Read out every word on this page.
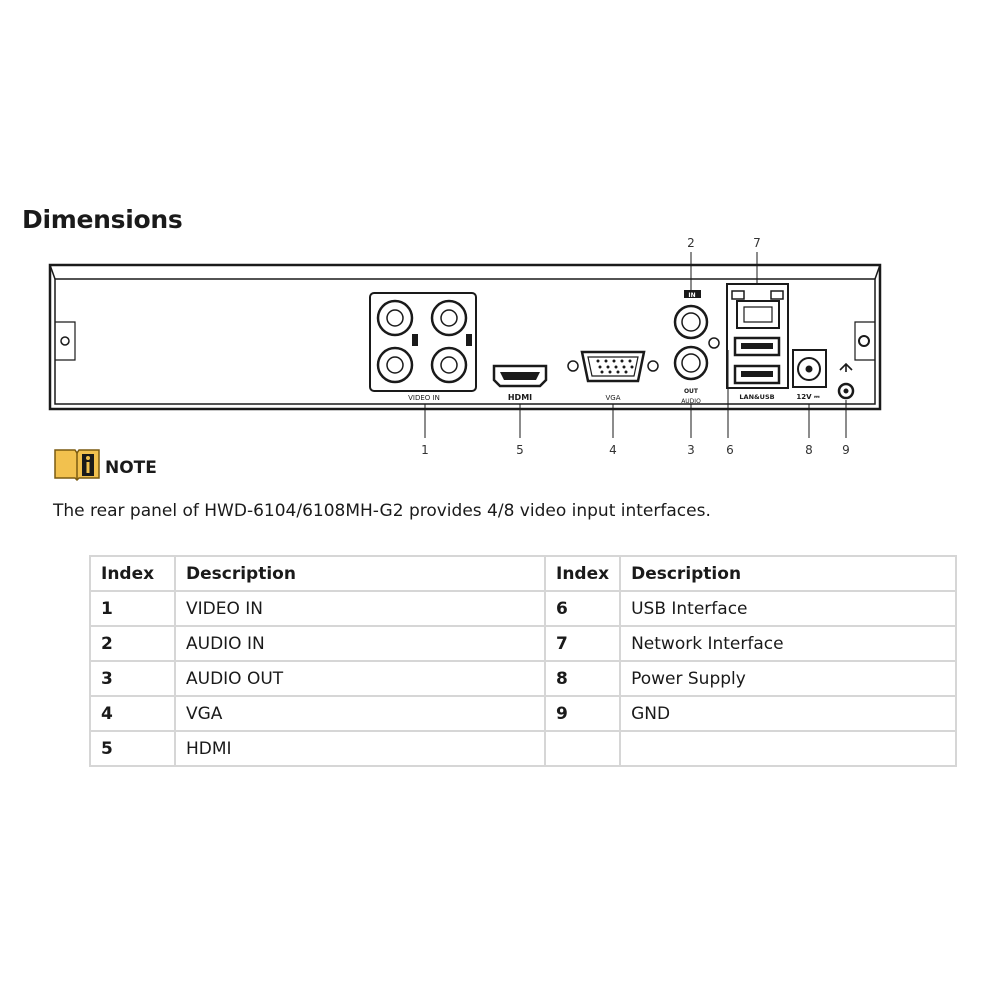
Dimensions
VIDEO IN	HDMI	VGA
IN
OUT
AUDIO
LAN&USB	12V ⎓
1	5	4	3	6	8 9
2	7
NOTE
The rear panel of HWD-6104/6108MH-G2 provides 4/8 video input interfaces.
Index	Description	Index	Description
1	VIDEO IN	6	USB Interface
2	AUDIO IN	7	Network Interface
3	AUDIO OUT	8	Power Supply
4	VGA	9	GND
5	HDMI		
